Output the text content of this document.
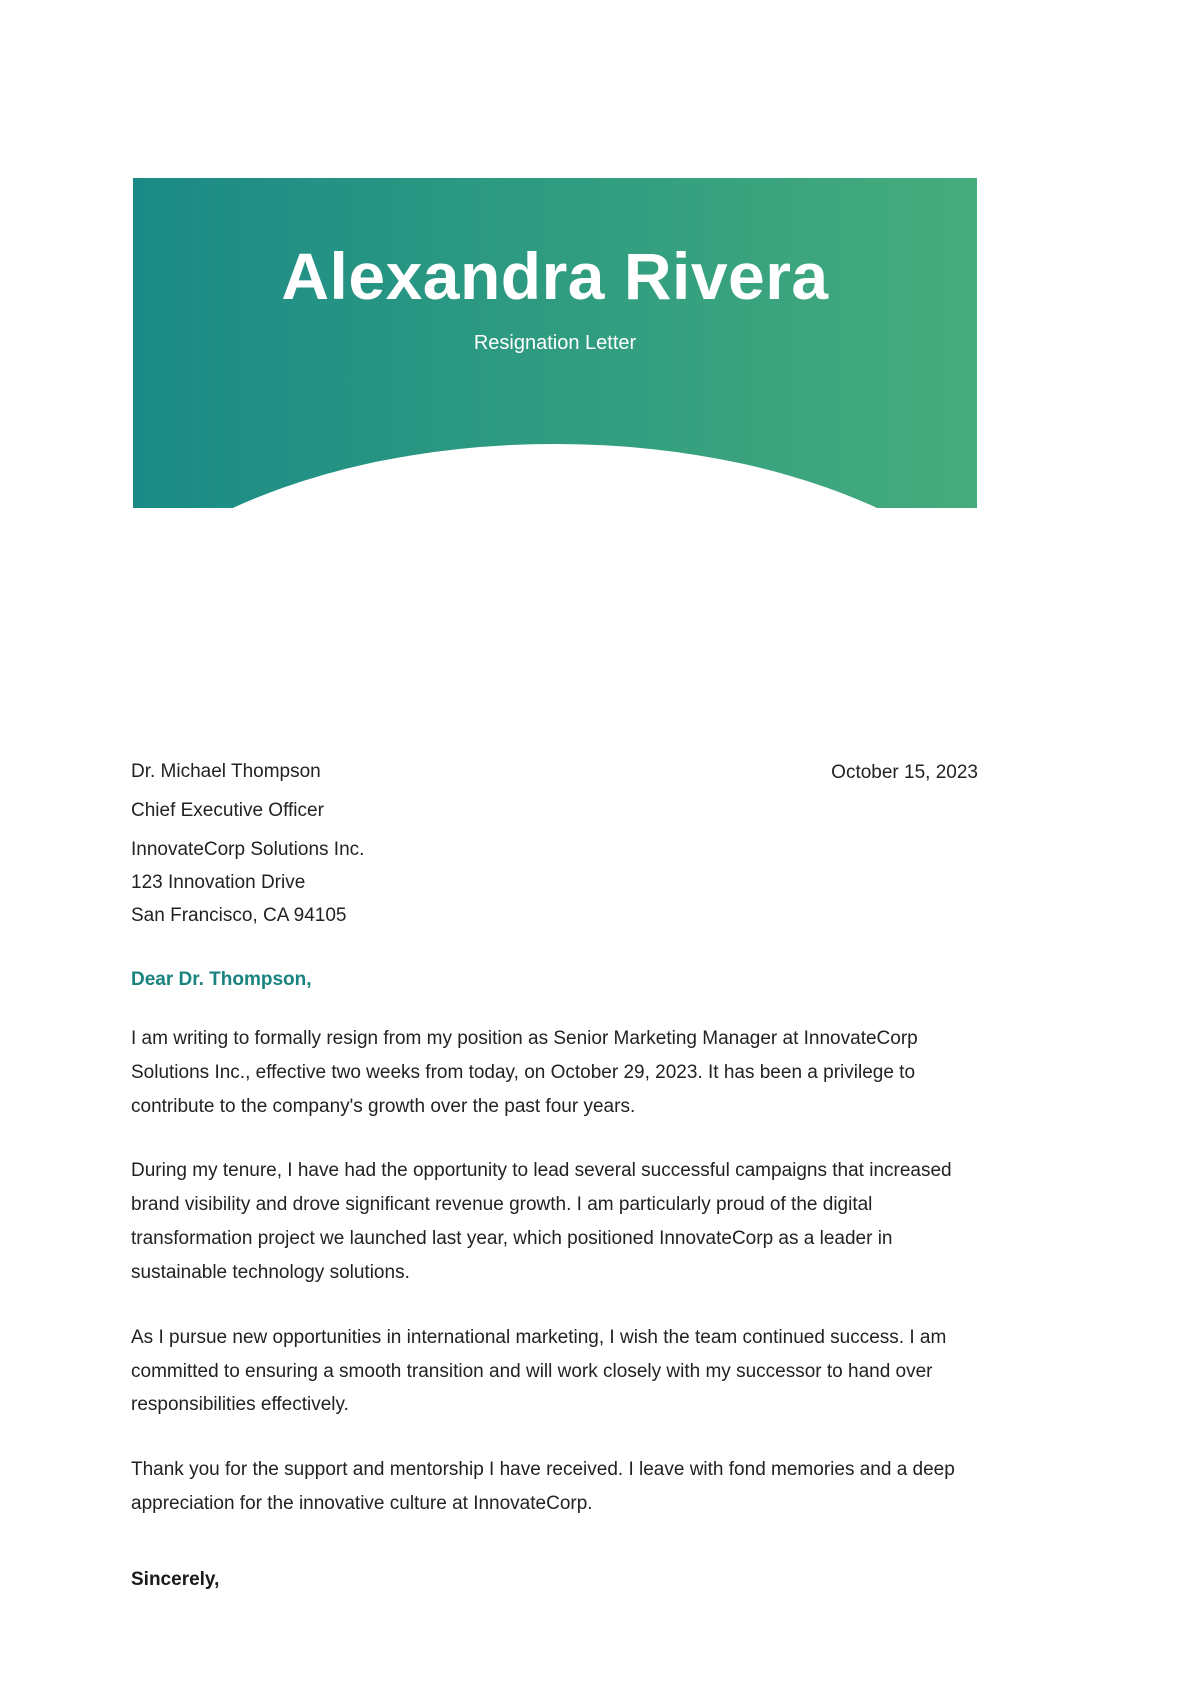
Alexandra Rivera

Resignation Letter

Dr. Michael Thompson

Chief Executive Officer

InnovateCorp Solutions Inc.

123 Innovation Drive

San Francisco, CA 94105

October 15, 2023

Dear Dr. Thompson,

I am writing to formally resign from my position as Senior Marketing Manager at InnovateCorp Solutions Inc., effective two weeks from today, on October 29, 2023. It has been a privilege to contribute to the company's growth over the past four years.

During my tenure, I have had the opportunity to lead several successful campaigns that increased brand visibility and drove significant revenue growth. I am particularly proud of the digital transformation project we launched last year, which positioned InnovateCorp as a leader in sustainable technology solutions.

As I pursue new opportunities in international marketing, I wish the team continued success. I am committed to ensuring a smooth transition and will work closely with my successor to hand over responsibilities effectively.

Thank you for the support and mentorship I have received. I leave with fond memories and a deep appreciation for the innovative culture at InnovateCorp.

Sincerely,
